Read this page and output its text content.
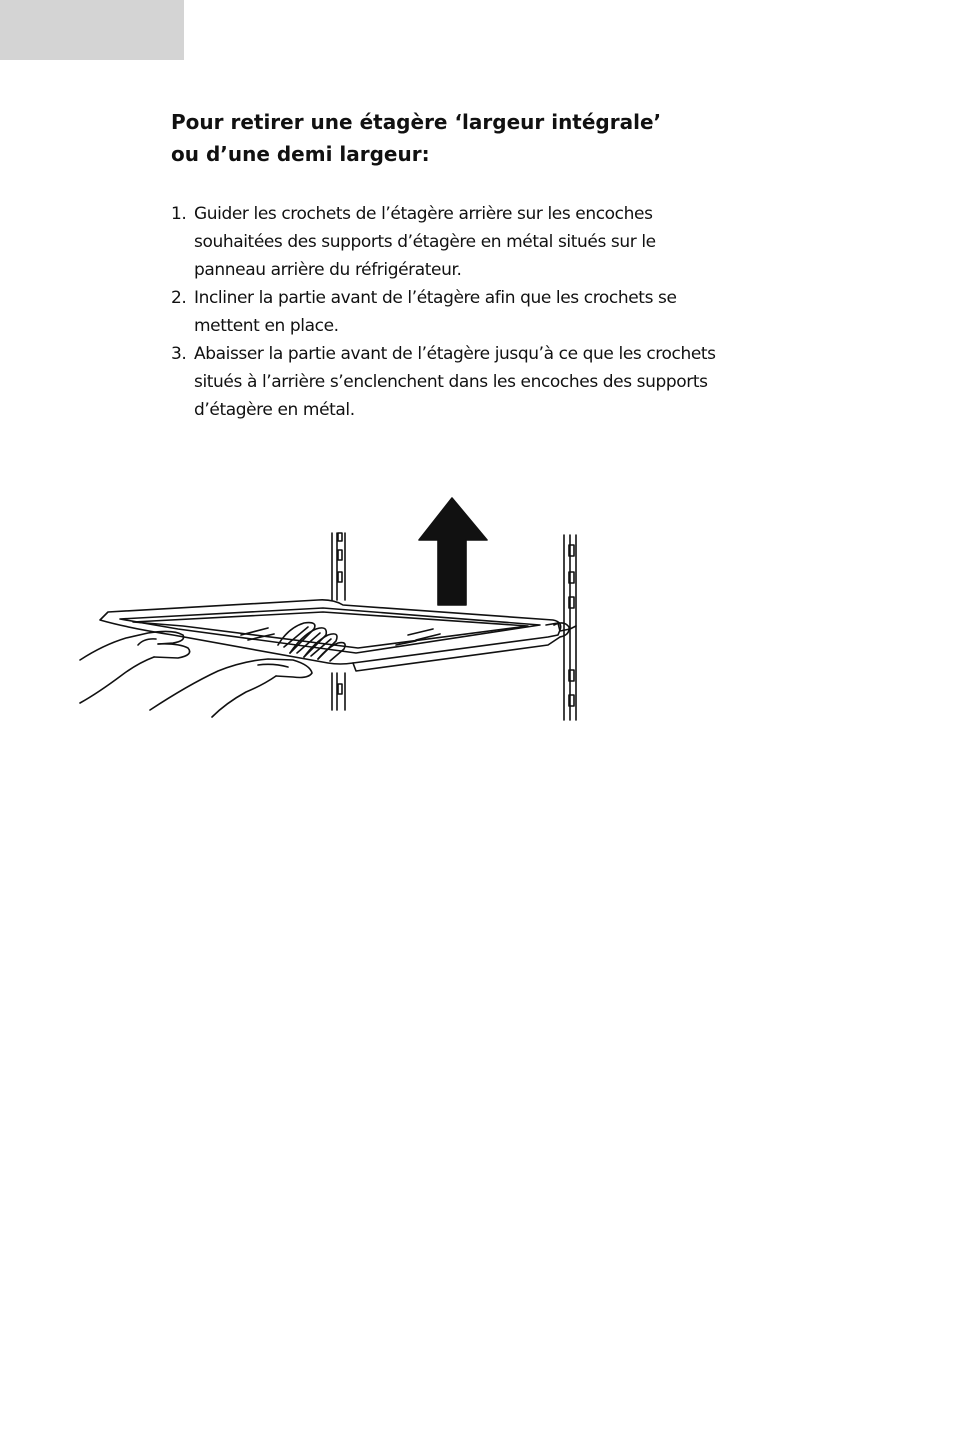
Pour retirer une étagère ‘largeur intégrale’
ou d’une demi largeur:
1. Guider les crochets de l’étagère arrière sur les encoches
souhaitées des supports d’étagère en métal situés sur le
panneau arrière du réfrigérateur.
2. Incliner la partie avant de l’étagère afin que les crochets se
mettent en place.
3. Abaisser la partie avant de l’étagère jusqu’à ce que les crochets
situés à l’arrière s’enclenchent dans les encoches des supports
d’étagère en métal.
